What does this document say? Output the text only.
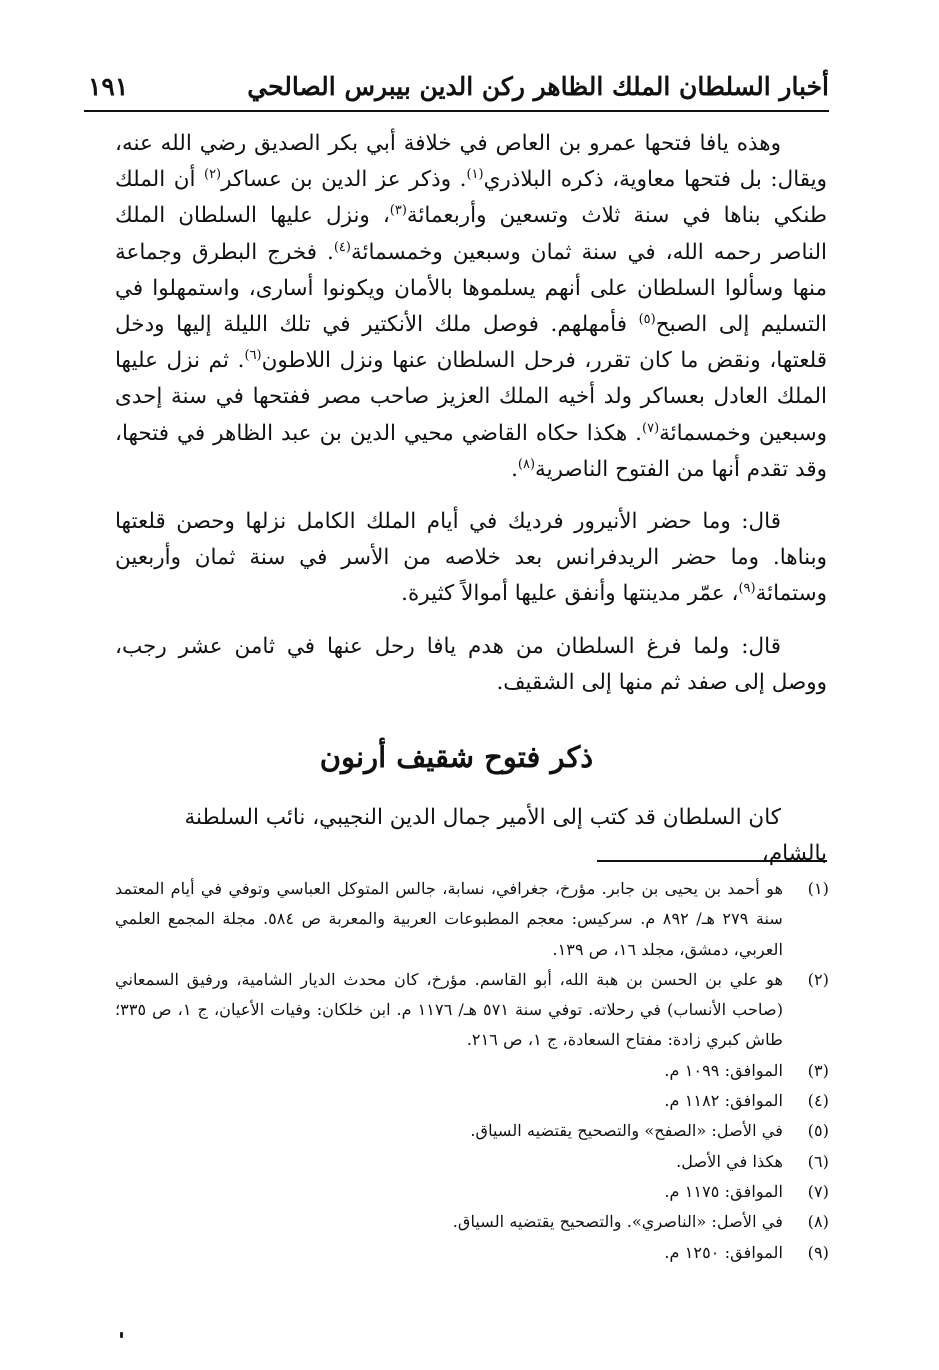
أخبار السلطان الملك الظاهر ركن الدين بيبرس الصالحي
١٩١

وهذه يافا فتحها عمرو بن العاص في خلافة أبي بكر الصديق رضي الله عنه، ويقال: بل فتحها معاوية، ذكره البلاذري$^{(١)}$. وذكر عز الدين بن عساكر$^{(٢)}$ أن الملك طنكي بناها في سنة ثلاث وتسعين وأربعمائة$^{(٣)}$، ونزل عليها السلطان الملك الناصر رحمه الله، في سنة ثمان وسبعين وخمسمائة$^{(٤)}$. فخرج البطرق وجماعة منها وسألوا السلطان على أنهم يسلموها بالأمان ويكونوا أسارى، واستمهلوا في التسليم إلى الصبح$^{(٥)}$ فأمهلهم. فوصل ملك الأنكتير في تلك الليلة إليها ودخل قلعتها، ونقض ما كان تقرر، فرحل السلطان عنها ونزل اللاطون$^{(٦)}$. ثم نزل عليها الملك العادل بعساكر ولد أخيه الملك العزيز صاحب مصر ففتحها في سنة إحدى وسبعين وخمسمائة$^{(٧)}$. هكذا حكاه القاضي محيي الدين بن عبد الظاهر في فتحها، وقد تقدم أنها من الفتوح الناصرية$^{(٨)}$.

قال: وما حضر الأنيرور فرديك في أيام الملك الكامل نزلها وحصن قلعتها وبناها. وما حضر الريدفرانس بعد خلاصه من الأسر في سنة ثمان وأربعين وستمائة$^{(٩)}$، عمّر مدينتها وأنفق عليها أموالاً كثيرة.

قال: ولما فرغ السلطان من هدم يافا رحل عنها في ثامن عشر رجب، ووصل إلى صفد ثم منها إلى الشقيف.

ذكر فتوح شقيف أرنون

كان السلطان قد كتب إلى الأمير جمال الدين النجيبي، نائب السلطنة بالشام،

(١)
هو أحمد بن يحيى بن جابر. مؤرخ، جغرافي، نسابة، جالس المتوكل العباسي وتوفي في أيام المعتمد سنة ٢٧٩ هـ/ ٨٩٢ م. سركيس: معجم المطبوعات العربية والمعربة ص ٥٨٤. مجلة المجمع العلمي العربي، دمشق، مجلد ١٦، ص ١٣٩.
(٢)
هو علي بن الحسن بن هبة الله، أبو القاسم. مؤرخ، كان محدث الديار الشامية، ورفيق السمعاني (صاحب الأنساب) في رحلاته. توفي سنة ٥٧١ هـ/ ١١٧٦ م. ابن خلكان: وفيات الأعيان، ج ١، ص ٣٣٥؛ طاش كبري زادة: مفتاح السعادة، ج ١، ص ٢١٦.
(٣)
الموافق: ١٠٩٩ م.
(٤)
الموافق: ١١٨٢ م.
(٥)
في الأصل: «الصفح» والتصحيح يقتضيه السياق.
(٦)
هكذا في الأصل.
(٧)
الموافق: ١١٧٥ م.
(٨)
في الأصل: «الناصري». والتصحيح يقتضيه السياق.
(٩)
الموافق: ١٢٥٠ م.
